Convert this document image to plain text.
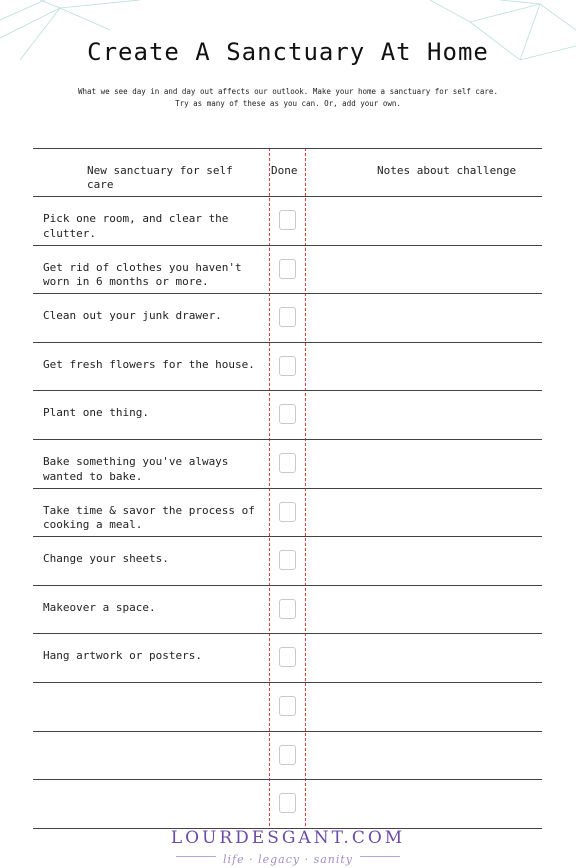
Create A Sanctuary At Home
What we see day in and day out affects our outlook. Make your home a sanctuary for self care.
Try as many of these as you can. Or, add your own.
New sanctuary for self care
Done	Notes about challenge
Pick one room, and clear the clutter.
Get rid of clothes you haven't worn in 6 months or more.
Clean out your junk drawer.
Get fresh flowers for the house.
Plant one thing.
Bake something you've always wanted to bake.
Take time & savor the process of cooking a meal.
Change your sheets.
Makeover a space.
Hang artwork or posters.
LOURDESGANT.COM
life · legacy · sanity
